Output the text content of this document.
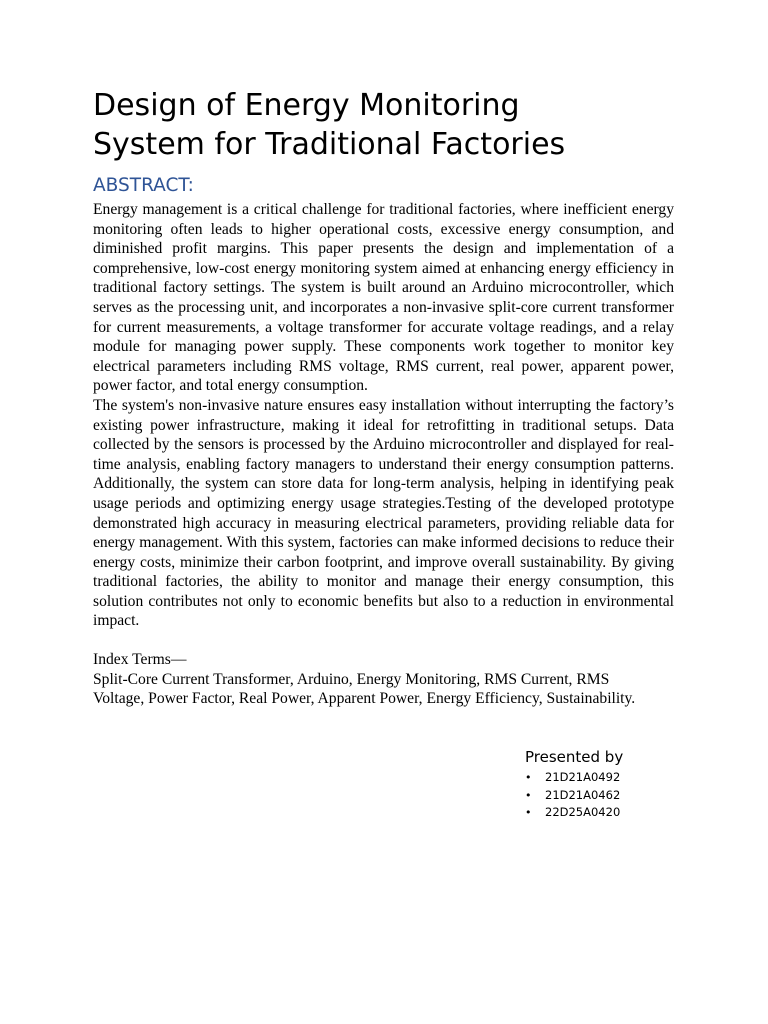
Design of Energy Monitoring
System for Traditional Factories
ABSTRACT:

Energy management is a critical challenge for traditional factories, where inefficient energy monitoring often leads to higher operational costs, excessive energy consumption, and diminished profit margins. This paper presents the design and implementation of a comprehensive, low-cost energy monitoring system aimed at enhancing energy efficiency in traditional factory settings. The system is built around an Arduino microcontroller, which serves as the processing unit, and incorporates a non-invasive split-core current transformer for current measurements, a voltage transformer for accurate voltage readings, and a relay module for managing power supply. These components work together to monitor key electrical parameters including RMS voltage, RMS current, real power, apparent power, power factor, and total energy consumption.

The system's non-invasive nature ensures easy installation without interrupting the factory’s existing power infrastructure, making it ideal for retrofitting in traditional setups. Data collected by the sensors is processed by the Arduino microcontroller and displayed for real-time analysis, enabling factory managers to understand their energy consumption patterns. Additionally, the system can store data for long-term analysis, helping in identifying peak usage periods and optimizing energy usage strategies.Testing of the developed prototype demonstrated high accuracy in measuring electrical parameters, providing reliable data for energy management. With this system, factories can make informed decisions to reduce their energy costs, minimize their carbon footprint, and improve overall sustainability. By giving traditional factories, the ability to monitor and manage their energy consumption, this solution contributes not only to economic benefits but also to a reduction in environmental impact.

Index Terms—
Split-Core Current Transformer, Arduino, Energy Monitoring, RMS Current, RMS
Voltage, Power Factor, Real Power, Apparent Power, Energy Efficiency, Sustainability.
Presented by
• 21D21A0492
• 21D21A0462
• 22D25A0420
